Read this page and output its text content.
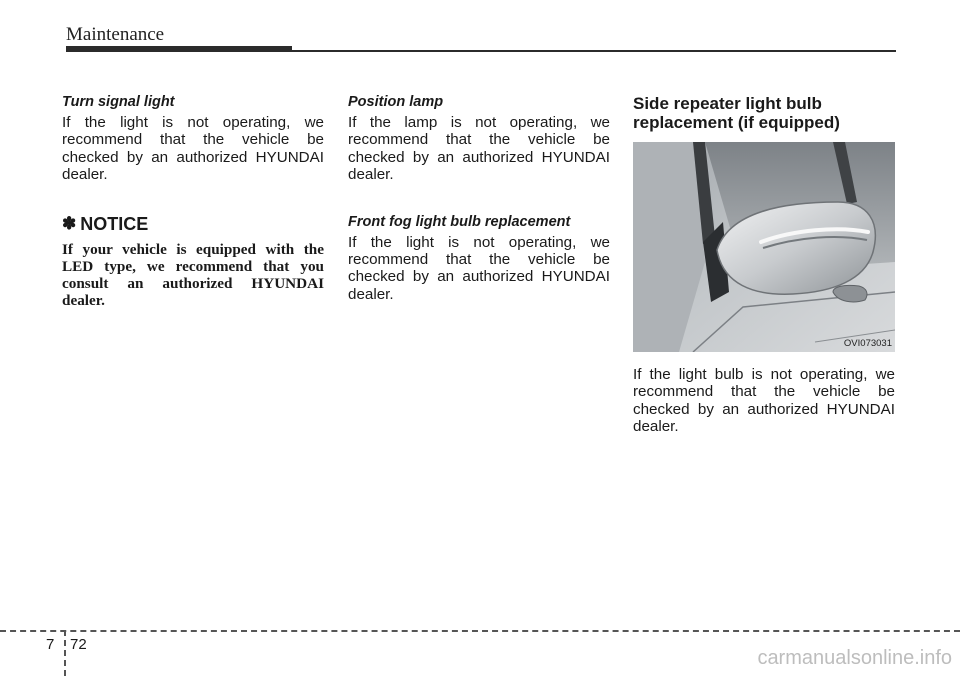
Maintenance

Turn signal light

If the light is not operating, we recommend that the vehicle be checked by an authorized HYUNDAI dealer.

✽ NOTICE

If your vehicle is equipped with the LED type, we recommend that you consult an authorized HYUNDAI dealer.

Position lamp

If the lamp is not operating, we recommend that the vehicle be checked by an authorized HYUNDAI dealer.

Front fog light bulb replacement

If the light is not operating, we recommend that the vehicle be checked by an authorized HYUNDAI dealer.

Side repeater light bulb replacement (if equipped)

OVI073031

If the light bulb is not operating, we recommend that the vehicle be checked by an authorized HYUNDAI dealer.

7 72
carmanualsonline.info
